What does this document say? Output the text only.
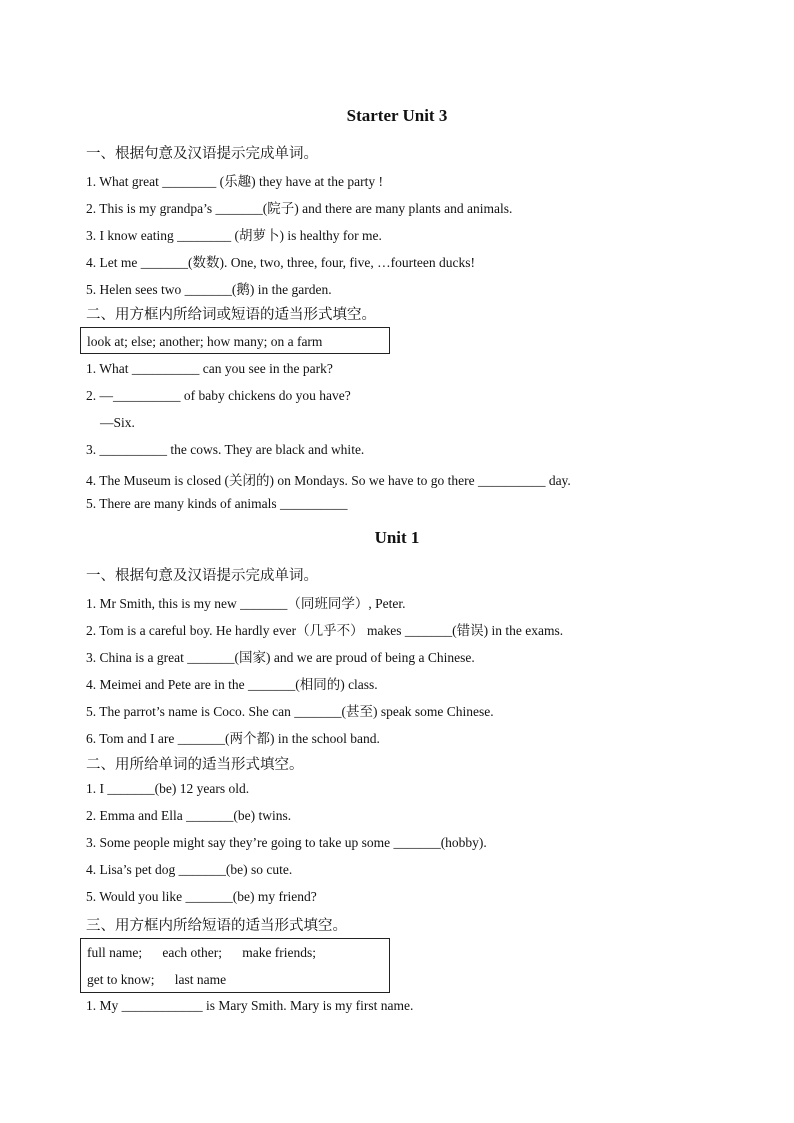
Starter Unit 3
一、根据句意及汉语提示完成单词。
1. What great ________ (乐趣) they have at the party !
2. This is my grandpa’s _______(院子) and there are many plants and animals.
3. I know eating ________ (胡萝卜) is healthy for me.
4. Let me _______(数数). One, two, three, four, five, …fourteen ducks!
5. Helen sees two _______(鹅) in the garden.
二、用方框内所给词或短语的适当形式填空。
look at; else; another; how many; on a farm
1. What __________ can you see in the park?
2. —__________ of baby chickens do you have?
—Six.
3. __________ the cows. They are black and white.
4. The Museum is closed (关闭的) on Mondays. So we have to go there __________ day.
5. There are many kinds of animals __________
Unit 1
一、根据句意及汉语提示完成单词。
1. Mr Smith, this is my new _______（同班同学）, Peter.
2. Tom is a careful boy. He hardly ever（几乎不） makes _______(错误) in the exams.
3. China is a great _______(国家) and we are proud of being a Chinese.
4. Meimei and Pete are in the _______(相同的) class.
5. The parrot’s name is Coco. She can _______(甚至) speak some Chinese.
6. Tom and I are _______(两个都) in the school band.
二、用所给单词的适当形式填空。
1. I _______(be) 12 years old.
2. Emma and Ella _______(be) twins.
3. Some people might say they’re going to take up some _______(hobby).
4. Lisa’s pet dog _______(be) so cute.
5. Would you like _______(be) my friend?
三、用方框内所给短语的适当形式填空。
full name;      each other;      make friends;
get to know;      last name
1. My ____________ is Mary Smith. Mary is my first name.
